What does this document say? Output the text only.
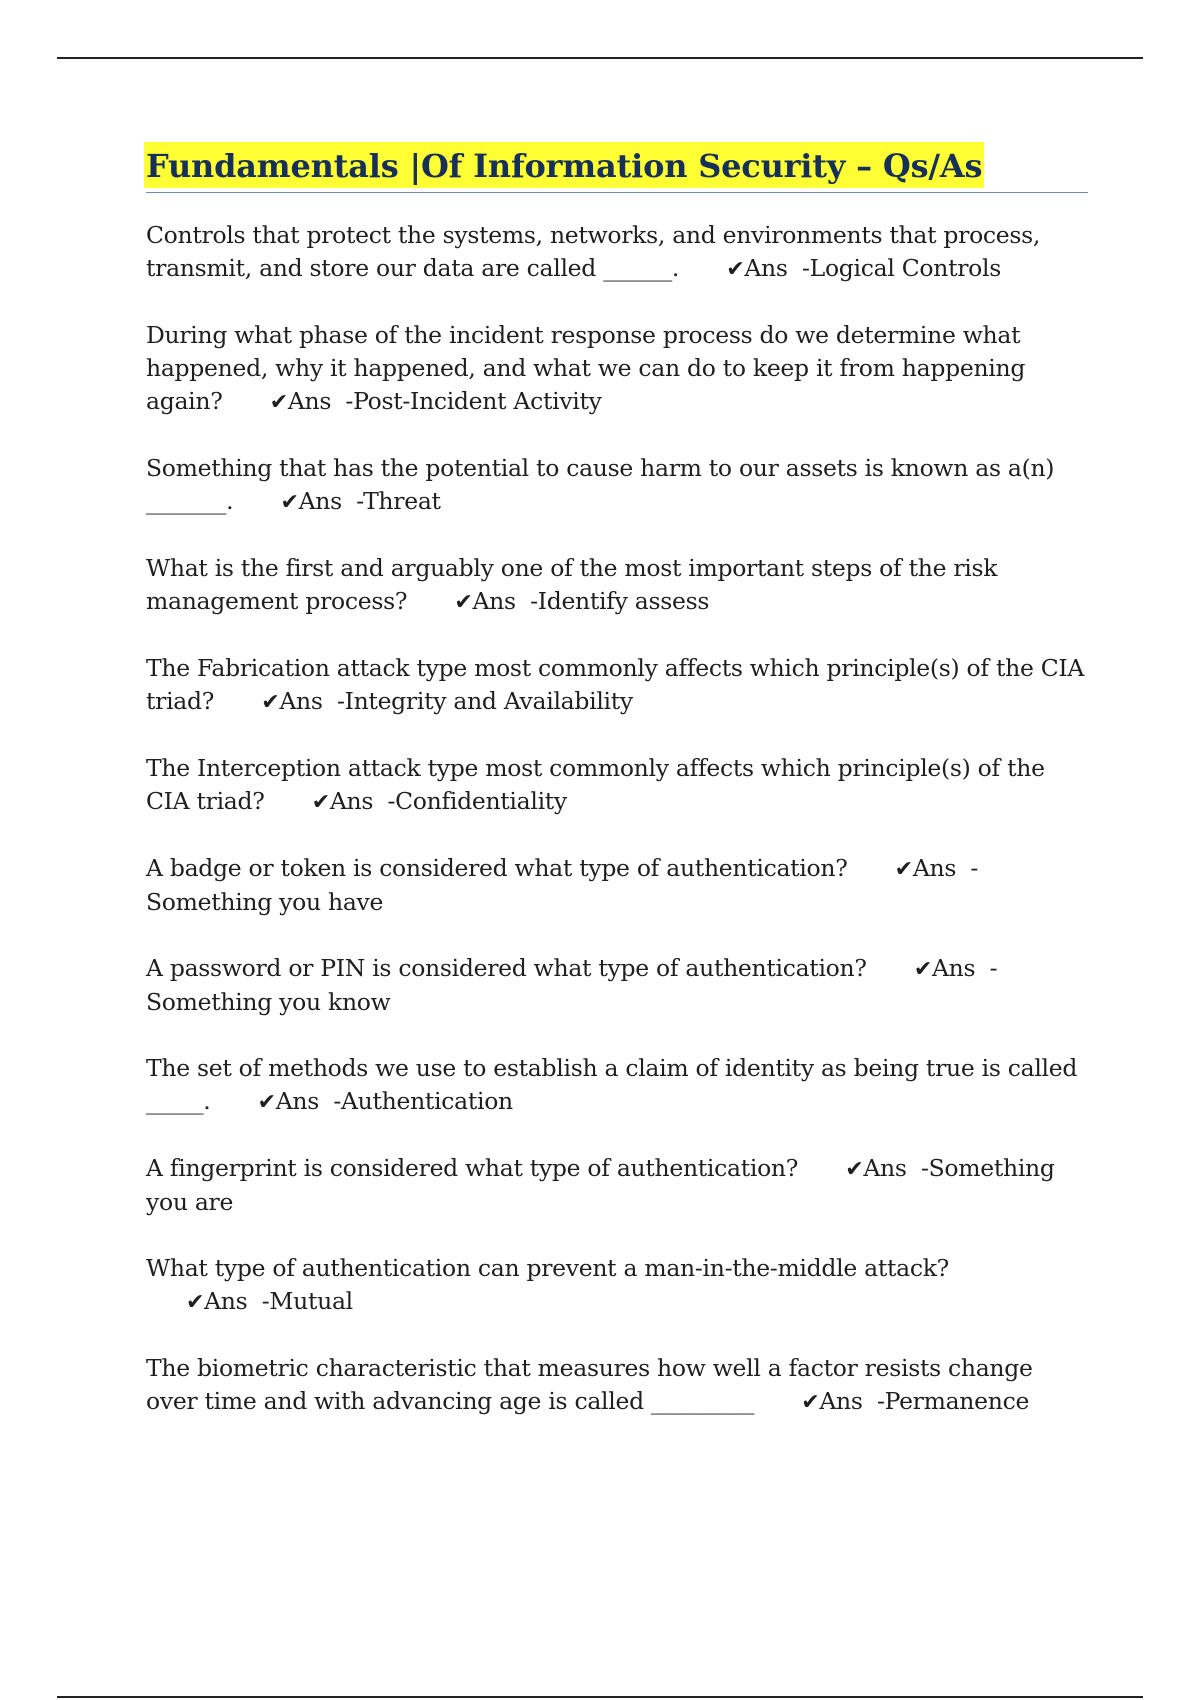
Fundamentals |Of Information Security – Qs/As

Controls that protect the systems, networks, and environments that process, transmit, and store our data are called ______. ✔Ans  -Logical Controls

During what phase of the incident response process do we determine what happened, why it happened, and what we can do to keep it from happening again? ✔Ans  -Post-Incident Activity

Something that has the potential to cause harm to our assets is known as a(n) _______. ✔Ans  -Threat

What is the first and arguably one of the most important steps of the risk management process? ✔Ans  -Identify assess

The Fabrication attack type most commonly affects which principle(s) of the CIA triad? ✔Ans  -Integrity and Availability

The Interception attack type most commonly affects which principle(s) of the CIA triad? ✔Ans  -Confidentiality

A badge or token is considered what type of authentication? ✔Ans  -Something you have

A password or PIN is considered what type of authentication? ✔Ans  -Something you know

The set of methods we use to establish a claim of identity as being true is called _____. ✔Ans  -Authentication

A fingerprint is considered what type of authentication? ✔Ans  -Something you are

What type of authentication can prevent a man-in-the-middle attack? ✔Ans  -Mutual

The biometric characteristic that measures how well a factor resists change over time and with advancing age is called _________ ✔Ans  -Permanence
